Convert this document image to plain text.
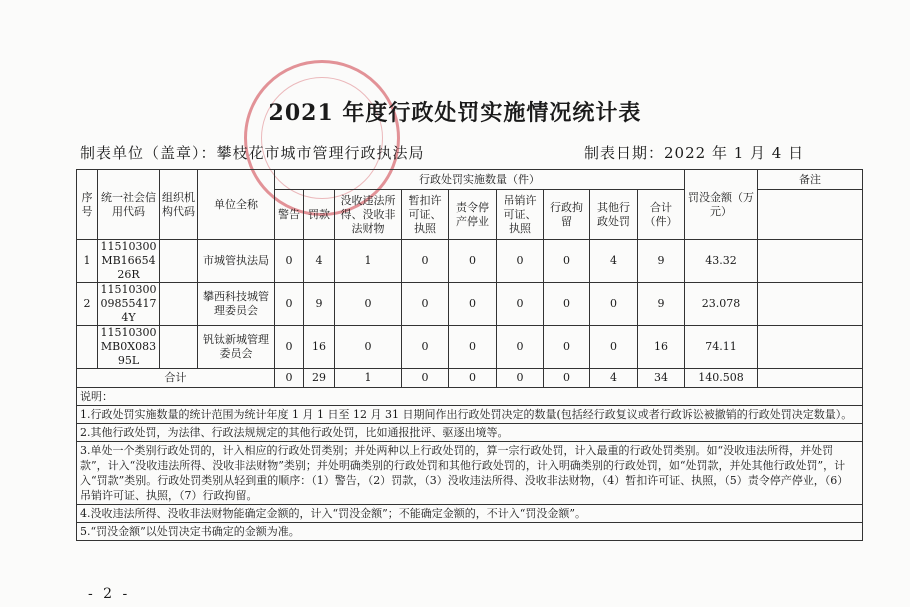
2021 年度行政处罚实施情况统计表
制表单位（盖章）：攀枝花市城市管理行政执法局	制表日期：2022 年 1 月 4 日
序号	统一社会信用代码	组织机构代码	单位全称	行政处罚实施数量（件）									罚没金额（万元）	备注
				警告	罚款	没收违法所得、没收非法财物	暂扣许可证、执照	责令停产停业	吊销许可证、执照	行政拘留	其他行政处罚	合计（件）		
1	11510300MB1665426R		市城管执法局	0	4	1	0	0	0	0	4	9	43.32	
2	11510300098554174Y		攀西科技城管理委员会	0	9	0	0	0	0	0	0	9	23.078	
	11510300MB0X08395L		钒钛新城管理委员会	0	16	0	0	0	0	0	0	16	74.11	
合计				0	29	1	0	0	0	0	4	34	140.508	
说明：														
1.行政处罚实施数量的统计范围为统计年度 1 月 1 日至 12 月 31 日期间作出行政处罚决定的数量(包括经行政复议或者行政诉讼被撤销的行政处罚决定数量）。														
2.其他行政处罚，为法律、行政法规规定的其他行政处罚，比如通报批评、驱逐出境等。														
3.单处一个类别行政处罚的，计入相应的行政处罚类别；并处两种以上行政处罚的，算一宗行政处罚，计入最重的行政处罚类别。如“没收违法所得，并处罚款”，计入“没收违法所得、没收非法财物”类别；并处明确类别的行政处罚和其他行政处罚的，计入明确类别的行政处罚，如“处罚款，并处其他行政处罚”，计入“罚款”类别。行政处罚类别从轻到重的顺序：（1）警告，（2）罚款，（3）没收违法所得、没收非法财物，（4）暂扣许可证、执照，（5）责令停产停业，（6）吊销许可证、执照，（7）行政拘留。														
4.没收违法所得、没收非法财物能确定金额的，计入“罚没金额”；不能确定金额的，不计入“罚没金额”。														
5.“罚没金额”以处罚决定书确定的金额为准。														
- 2 -
